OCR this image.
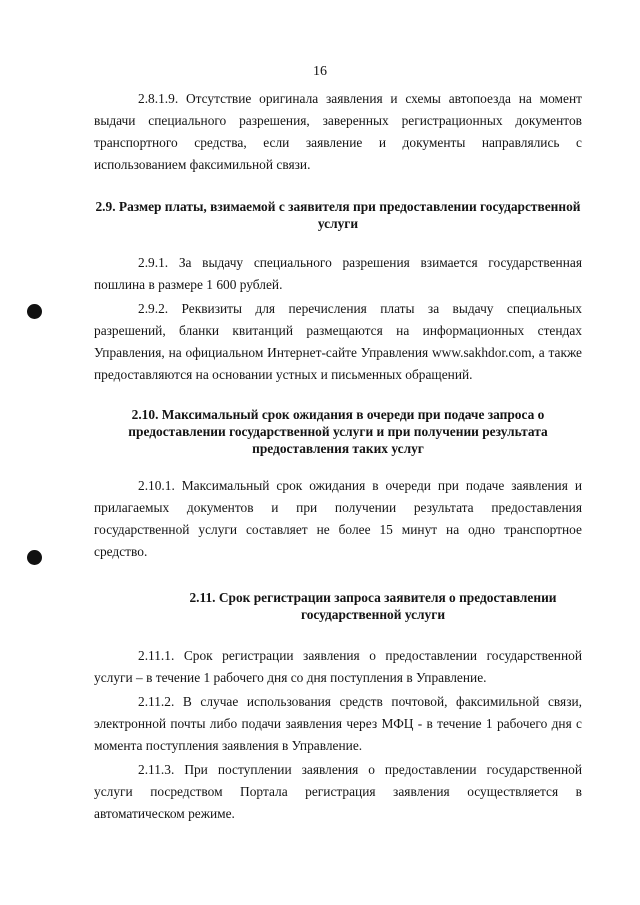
16

2.8.1.9. Отсутствие оригинала заявления и схемы автопоезда на момент выдачи специального разрешения, заверенных регистрационных документов транспортного средства, если заявление и документы направлялись с использованием факсимильной связи.

2.9. Размер платы, взимаемой с заявителя при предоставлении государственной услуги

2.9.1. За выдачу специального разрешения взимается государственная пошлина в размере 1 600 рублей.

2.9.2. Реквизиты для перечисления платы за выдачу специальных разрешений, бланки квитанций размещаются на информационных стендах Управления, на официальном Интернет-сайте Управления www.sakhdor.com, а также предоставляются на основании устных и письменных обращений.

2.10. Максимальный срок ожидания в очереди при подаче запроса о предоставлении государственной услуги и при получении результата предоставления таких услуг

2.10.1. Максимальный срок ожидания в очереди при подаче заявления и прилагаемых документов и при получении результата предоставления государственной услуги составляет не более 15 минут на одно транспортное средство.

2.11. Срок регистрации запроса заявителя о предоставлении государственной услуги

2.11.1. Срок регистрации заявления о предоставлении государственной услуги – в течение 1 рабочего дня со дня поступления в Управление.

2.11.2. В случае использования средств почтовой, факсимильной связи, электронной почты либо подачи заявления через МФЦ - в течение 1 рабочего дня с момента поступления заявления в Управление.

2.11.3. При поступлении заявления о предоставлении государственной услуги посредством Портала регистрация заявления осуществляется в автоматическом режиме.
